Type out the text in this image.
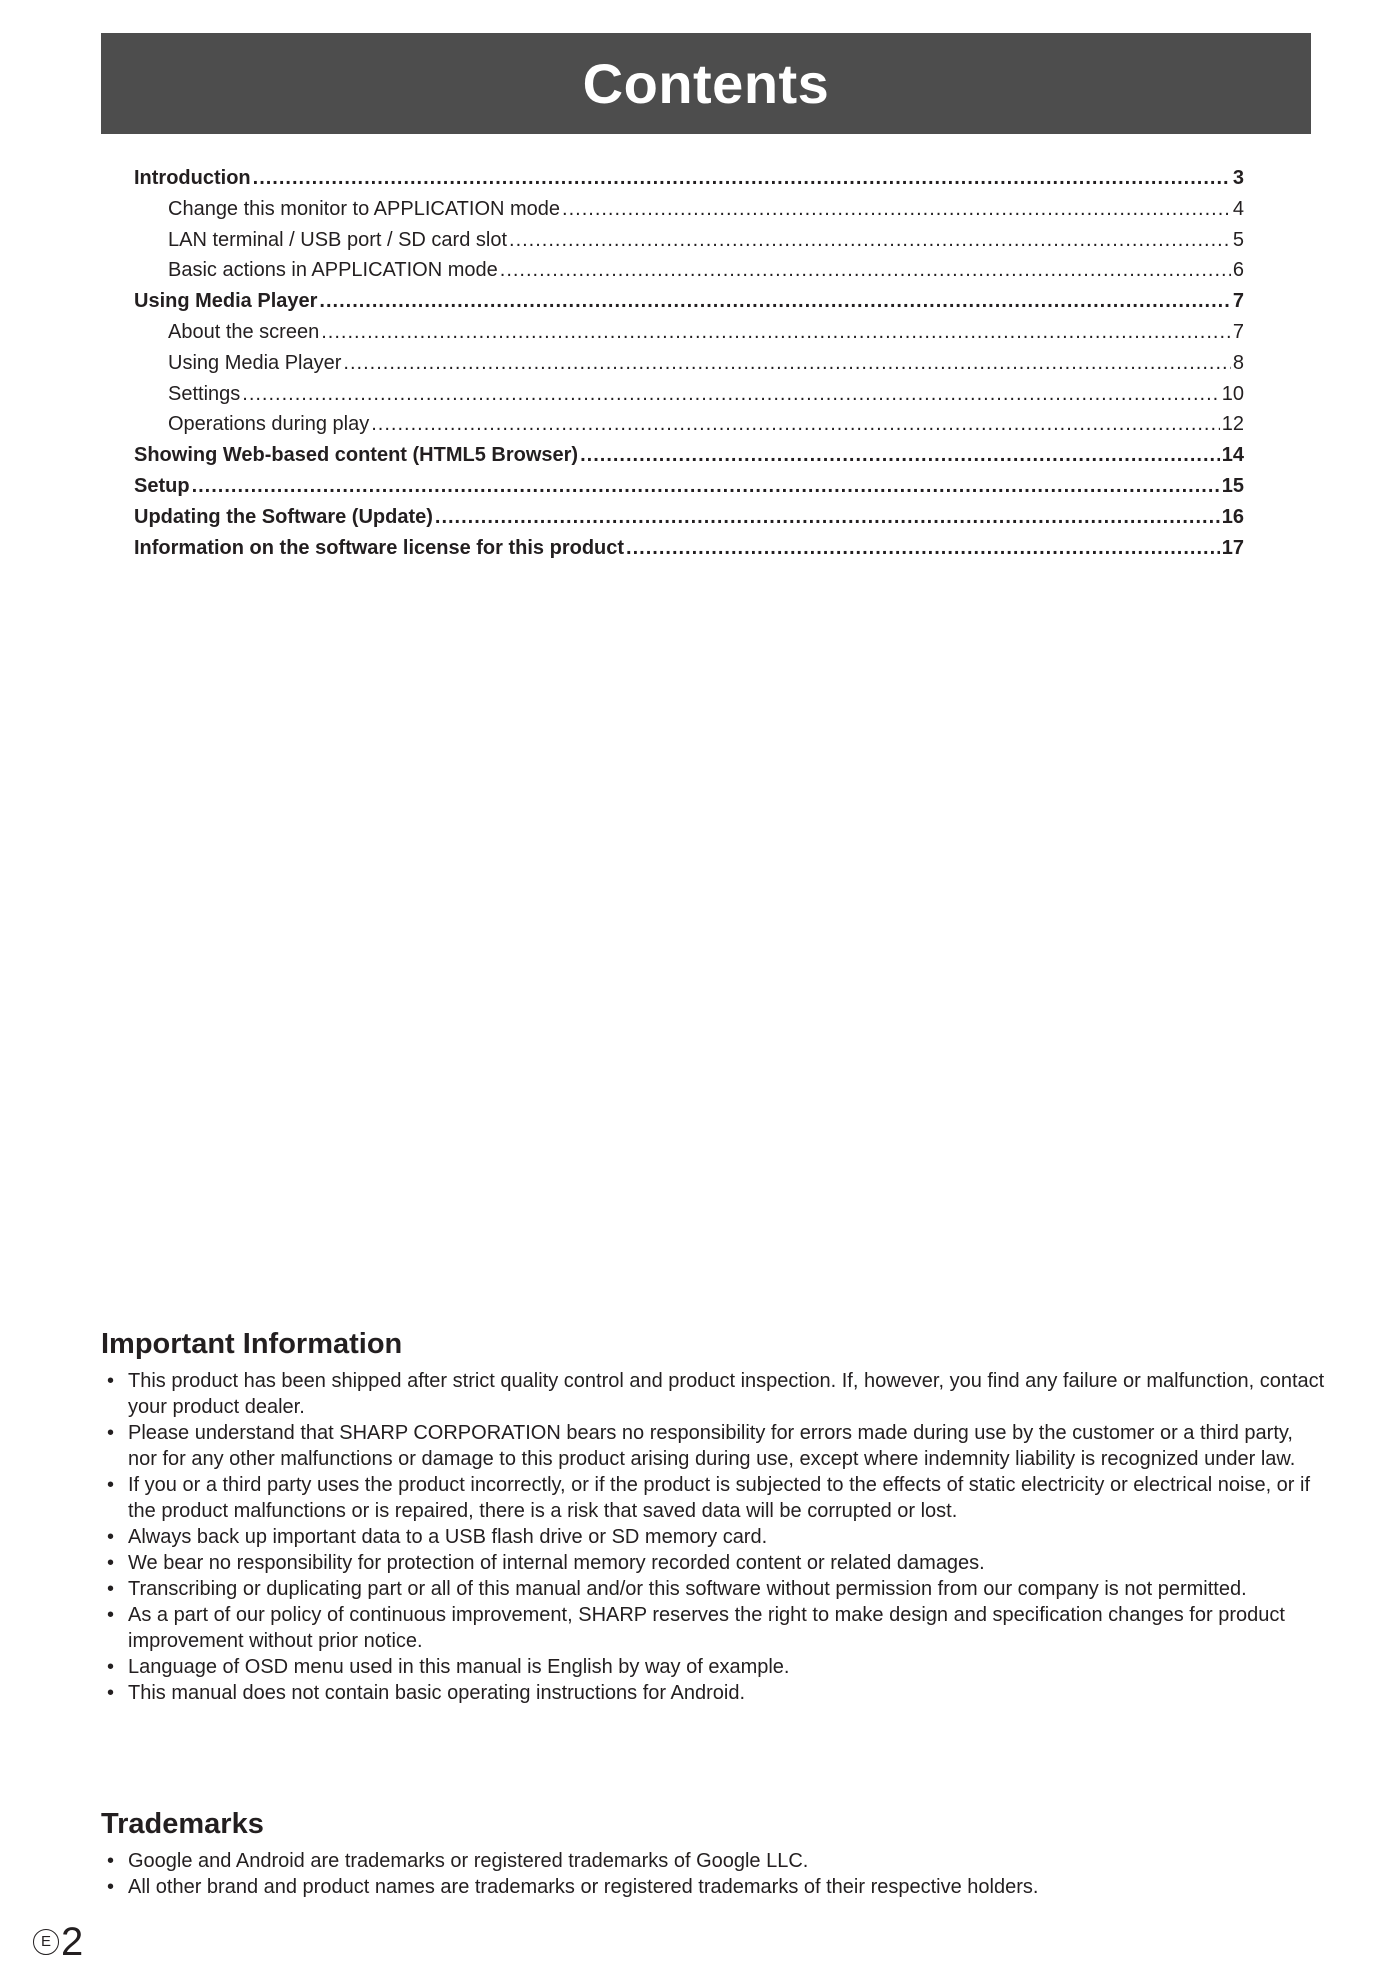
Contents
Introduction .....	3
Change this monitor to APPLICATION mode .....	4
LAN terminal / USB port / SD card slot .....	5
Basic actions in APPLICATION mode .....	6
Using Media Player .....	7
About the screen .....	7
Using Media Player .....	8
Settings .....	10
Operations during play .....	12
Showing Web-based content (HTML5 Browser) .....	14
Setup .....	15
Updating the Software (Update) .....	16
Information on the software license for this product .....	17
Important Information
• This product has been shipped after strict quality control and product inspection. If, however, you find any failure or malfunction, contact your product dealer.
• Please understand that SHARP CORPORATION bears no responsibility for errors made during use by the customer or a third party, nor for any other malfunctions or damage to this product arising during use, except where indemnity liability is recognized under law.
• If you or a third party uses the product incorrectly, or if the product is subjected to the effects of static electricity or electrical noise, or if the product malfunctions or is repaired, there is a risk that saved data will be corrupted or lost.
• Always back up important data to a USB flash drive or SD memory card.
• We bear no responsibility for protection of internal memory recorded content or related damages.
• Transcribing or duplicating part or all of this manual and/or this software without permission from our company is not permitted.
• As a part of our policy of continuous improvement, SHARP reserves the right to make design and specification changes for product improvement without prior notice.
• Language of OSD menu used in this manual is English by way of example.
• This manual does not contain basic operating instructions for Android.
Trademarks
• Google and Android are trademarks or registered trademarks of Google LLC.
• All other brand and product names are trademarks or registered trademarks of their respective holders.
E 2
